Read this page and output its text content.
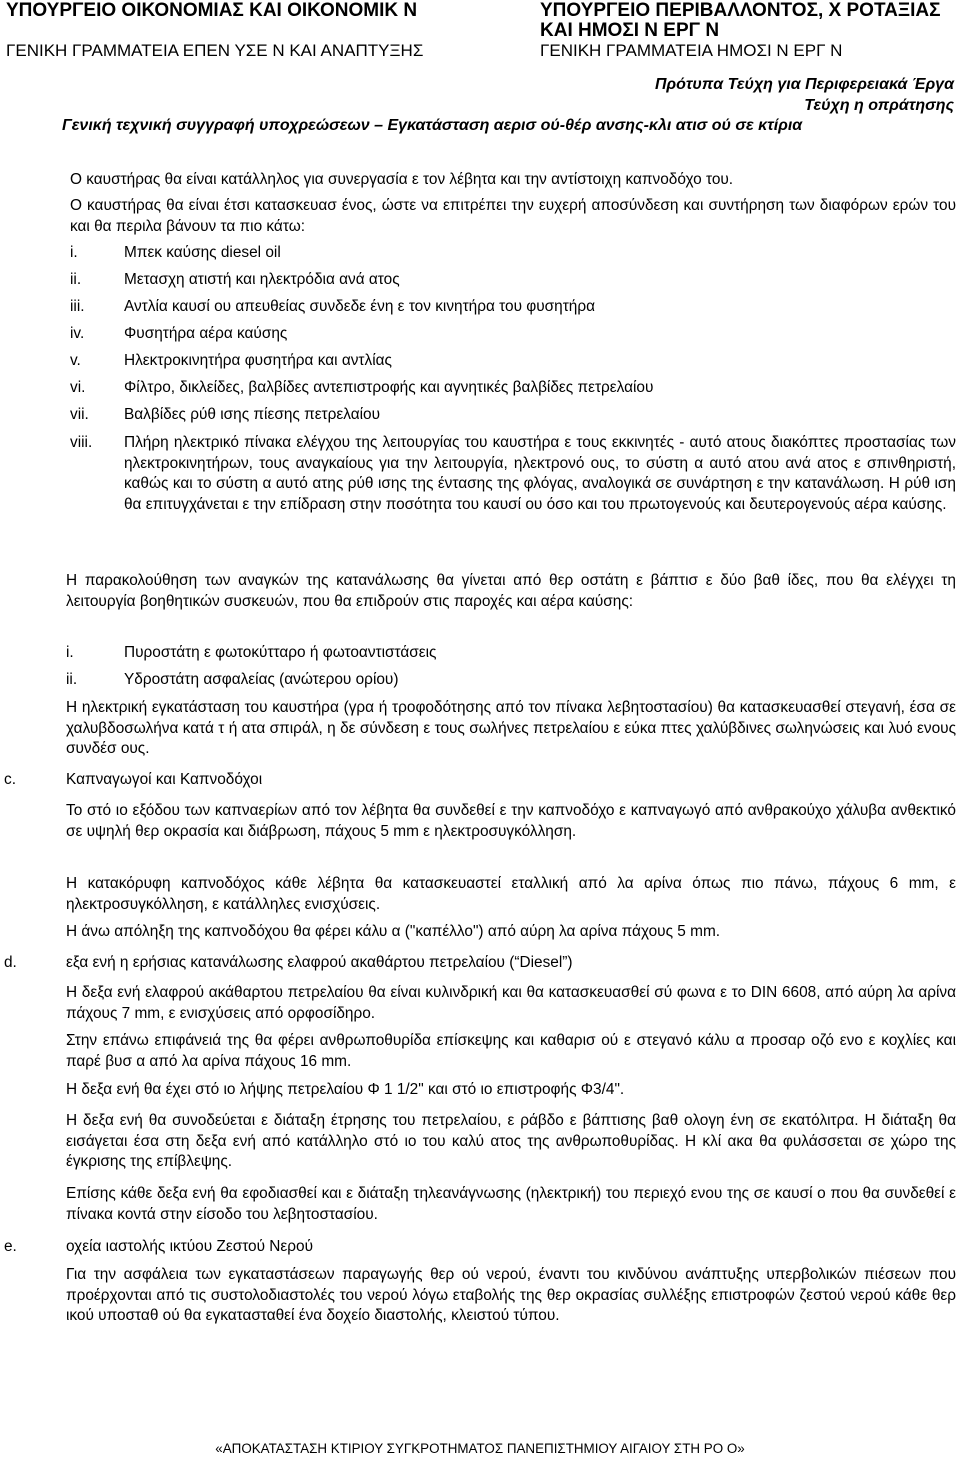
ΥΠΟΥΡΓΕΙΟ ΟΙΚΟΝΟΜΙΑΣ ΚΑΙ ΟΙΚΟΝΟΜΙΚ Ν
ΓΕΝΙΚΗ ΓΡΑΜΜΑΤΕΙΑ ΕΠΕΝ ΥΣΕ Ν ΚΑΙ ΑΝΑΠΤΥΞΗΣ
ΥΠΟΥΡΓΕΙΟ ΠΕΡΙΒΑΛΛΟΝΤΟΣ, Χ ΡΟΤΑΞΙΑΣ
ΚΑΙ ΗΜΟΣΙ Ν ΕΡΓ Ν
ΓΕΝΙΚΗ ΓΡΑΜΜΑΤΕΙΑ ΗΜΟΣΙ Ν ΕΡΓ Ν
Πρότυπα Τεύχη για Περιφερειακά Έργα
Τεύχη η οπράτησης
Γενική τεχνική συγγραφή υποχρεώσεων – Εγκατάσταση αερισ ού-θέρ ανσης-κλι ατισ ού σε κτίρια
Ο καυστήρας θα είναι κατάλληλος για συνεργασία ε τον λέβητα και την αντίστοιχη καπνοδόχο του.
Ο καυστήρας θα είναι έτσι κατασκευασ ένος, ώστε να επιτρέπει την ευχερή αποσύνδεση και συντήρηση των διαφόρων ερών του και θα περιλα βάνουν τα πιο κάτω:
i.	Μπεκ καύσης diesel oil
ii.	Μετασχη ατιστή και ηλεκτρόδια ανά ατος
iii.	Αντλία καυσί ου απευθείας συνδεδε ένη ε τον κινητήρα του φυσητήρα
iv.	Φυσητήρα αέρα καύσης
v.	Ηλεκτροκινητήρα φυσητήρα και αντλίας
vi.	Φίλτρο, δικλείδες, βαλβίδες αντεπιστροφής και αγνητικές βαλβίδες πετρελαίου
vii. Βαλβίδες ρύθ ισης πίεσης πετρελαίου
viii. Πλήρη ηλεκτρικό πίνακα ελέγχου της λειτουργίας του καυστήρα ε τους εκκινητές - αυτό ατους διακόπτες προστασίας των ηλεκτροκινητήρων, τους αναγκαίους για την λειτουργία, ηλεκτρονό ους, το σύστη α αυτό ατου ανά ατος ε σπινθηριστή, καθώς και το σύστη α αυτό ατης ρύθ ισης της έντασης της φλόγας, αναλογικά σε συνάρτηση ε την κατανάλωση. Η ρύθ ιση θα επιτυγχάνεται ε την επίδραση στην ποσότητα του καυσί ου όσο και του πρωτογενούς και δευτερογενούς αέρα καύσης.
Η παρακολούθηση των αναγκών της κατανάλωσης θα γίνεται από θερ οστάτη ε βάπτισ ε δύο βαθ ίδες, που θα ελέγχει τη λειτουργία βοηθητικών συσκευών, που θα επιδρούν στις παροχές και αέρα καύσης:
i.	Πυροστάτη ε φωτοκύτταρο ή φωτοαντιστάσεις
ii.	Υδροστάτη ασφαλείας (ανώτερου ορίου)
Η ηλεκτρική εγκατάσταση του καυστήρα (γρα ή τροφοδότησης από τον πίνακα λεβητοστασίου) θα κατασκευασθεί στεγανή, έσα σε χαλυβδοσωλήνα κατά τ ή ατα σπιράλ, η δε σύνδεση ε τους σωλήνες πετρελαίου ε εύκα πτες χαλύβδινες σωληνώσεις και λυό ενους συνδέσ ους.
c.	Καπναγωγοί και Καπνοδόχοι
Το στό ιο εξόδου των καπναερίων από τον λέβητα θα συνδεθεί ε την καπνοδόχο ε καπναγωγό από ανθρακούχο χάλυβα ανθεκτικό σε υψηλή θερ οκρασία και διάβρωση, πάχους 5 mm ε ηλεκτροσυγκόλληση.
Η κατακόρυφη καπνοδόχος κάθε λέβητα θα κατασκευαστεί εταλλική από λα αρίνα όπως πιο πάνω, πάχους 6 mm, ε ηλεκτροσυγκόλληση, ε κατάλληλες ενισχύσεις.
Η άνω απόληξη της καπνοδόχου θα φέρει κάλυ α ("καπέλλο") από αύρη λα αρίνα πάχους 5 mm.
d.	εξα ενή η ερήσιας κατανάλωσης ελαφρού ακαθάρτου πετρελαίου (“Diesel”)
Η δεξα ενή ελαφρού ακάθαρτου πετρελαίου θα είναι κυλινδρική και θα κατασκευασθεί σύ φωνα ε το DIN 6608, από αύρη λα αρίνα πάχους 7 mm, ε ενισχύσεις από ορφοσίδηρο.
Στην επάνω επιφάνειά της θα φέρει ανθρωποθυρίδα επίσκεψης και καθαρισ ού ε στεγανό κάλυ α προσαρ οζό ενο ε κοχλίες και παρέ βυσ α από λα αρίνα πάχους 16 mm.
Η δεξα ενή θα έχει στό ιο λήψης πετρελαίου Φ 1 1/2" και στό ιο επιστροφής Φ3/4".
Η δεξα ενή θα συνοδεύεται ε διάταξη έτρησης του πετρελαίου, ε ράβδο ε βάπτισης βαθ ολογη ένη σε εκατόλιτρα. Η διάταξη θα εισάγεται έσα στη δεξα ενή από κατάλληλο στό ιο του καλύ ατος της ανθρωποθυρίδας. Η κλί ακα θα φυλάσσεται σε χώρο της έγκρισης της επίβλεψης.
Επίσης κάθε δεξα ενή θα εφοδιασθεί και ε διάταξη τηλεανάγνωσης (ηλεκτρική) του περιεχό ενου της σε καυσί ο που θα συνδεθεί ε πίνακα κοντά στην είσοδο του λεβητοστασίου.
e.	οχεία ιαστολής ικτύου Ζεστού Νερού
Για την ασφάλεια των εγκαταστάσεων παραγωγής θερ ού νερού, έναντι του κινδύνου ανάπτυξης υπερβολικών πιέσεων που προέρχονται από τις συστολοδιαστολές του νερού λόγω εταβολής της θερ οκρασίας συλλέξης επιστροφών ζεστού νερού κάθε θερ ικού υποσταθ ού θα εγκατασταθεί ένα δοχείο διαστολής, κλειστού τύπου.
«ΑΠΟΚΑΤΑΣΤΑΣΗ ΚΤΙΡΙΟΥ ΣΥΓΚΡΟΤΗΜΑΤΟΣ ΠΑΝΕΠΙΣΤΗΜΙΟΥ ΑΙΓΑΙΟΥ ΣΤΗ ΡΟ Ο»
